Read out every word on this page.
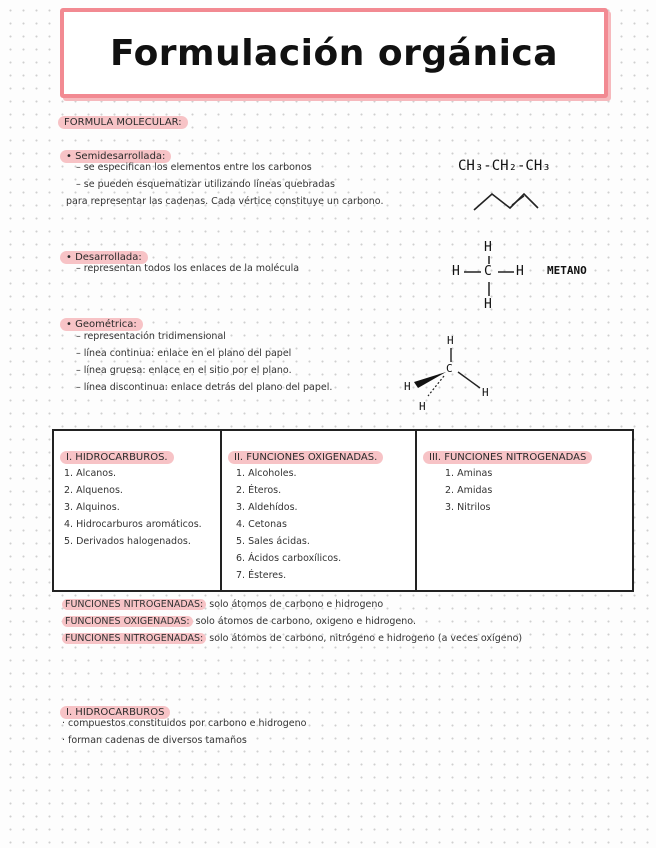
Formulación orgánica
FORMULA MOLECULAR:
• Semidesarrollada:
– se especifican los elementos entre los carbonos
– se pueden esquematizar utilizando líneas quebradas
para representar las cadenas. Cada vértice constituye un carbono.
CH₃-CH₂-CH₃
• Desarrollada:
– representan todos los enlaces de la molécula
H
H C H
H
METANO
• Geométrica:
– representación tridimensional
– línea continua: enlace en el plano del papel
– línea gruesa: enlace en el sitio por el plano.
– línea discontinua: enlace detrás del plano del papel.
H
C
H	H
H
I. HIDROCARBUROS.
1. Alcanos.
2. Alquenos.
3. Alquinos.
4. Hidrocarburos aromáticos.
5. Derivados halogenados.
II. FUNCIONES OXIGENADAS.
1. Alcoholes.
2. Éteros.
3. Aldehídos.
4. Cetonas
5. Sales ácidas.
6. Ácidos carboxílicos.
7. Ésteres.
III. FUNCIONES NITROGENADAS
1. Aminas
2. Amidas
3. Nitrilos
FUNCIONES NITROGENADAS: solo átomos de carbono e hidrogeno
FUNCIONES OXIGENADAS: solo átomos de carbono, oxigeno e hidrogeno.
FUNCIONES NITROGENADAS: solo átomos de carbono, nitrógeno e hidrogeno (a veces oxígeno)
I. HIDROCARBUROS
· compuestos constituidos por carbono e hidrogeno
· forman cadenas de diversos tamaños
